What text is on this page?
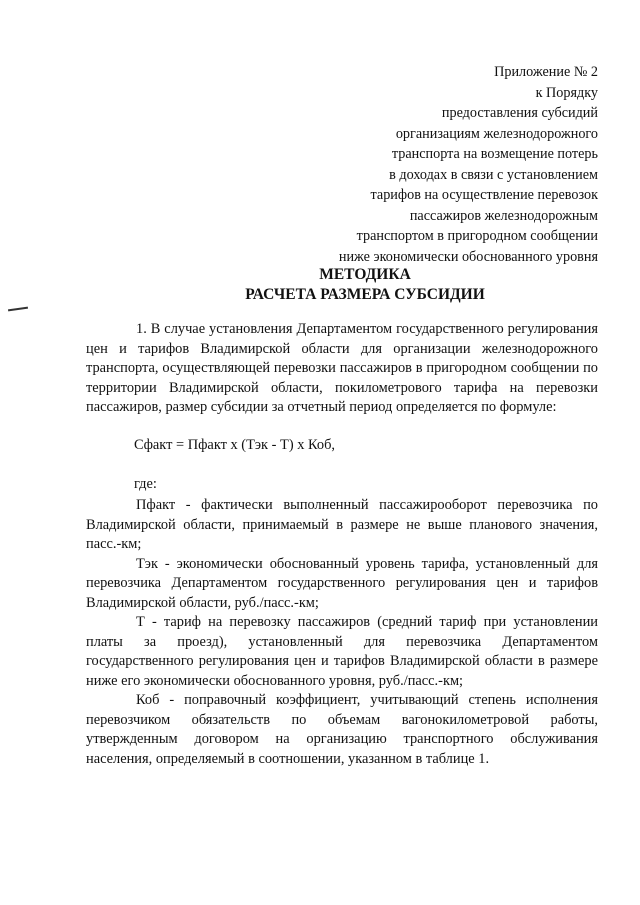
Приложение № 2
к Порядку
предоставления субсидий
организациям железнодорожного
транспорта на возмещение потерь
в доходах в связи с установлением
тарифов на осуществление перевозок
пассажиров железнодорожным
транспортом в пригородном сообщении
ниже экономически обоснованного уровня
МЕТОДИКА
РАСЧЕТА РАЗМЕРА СУБСИДИИ
1. В случае установления Департаментом государственного регулирования цен и тарифов Владимирской области для организации железнодорожного транспорта, осуществляющей перевозки пассажиров в пригородном сообщении по территории Владимирской области, покилометрового тарифа на перевозки пассажиров, размер субсидии за отчетный период определяется по формуле:
Сфакт = Пфакт х (Тэк - Т) х Коб,
где:

Пфакт - фактически выполненный пассажирооборот перевозчика по Владимирской области, принимаемый в размере не выше планового значения, пасс.-км;

Тэк - экономически обоснованный уровень тарифа, установленный для перевозчика Департаментом государственного регулирования цен и тарифов Владимирской области, руб./пасс.-км;

Т - тариф на перевозку пассажиров (средний тариф при установлении платы за проезд), установленный для перевозчика Департаментом государственного регулирования цен и тарифов Владимирской области в размере ниже его экономически обоснованного уровня, руб./пасс.-км;

Коб - поправочный коэффициент, учитывающий степень исполнения перевозчиком обязательств по объемам вагонокилометровой работы, утвержденным договором на организацию транспортного обслуживания населения, определяемый в соотношении, указанном в таблице 1.
